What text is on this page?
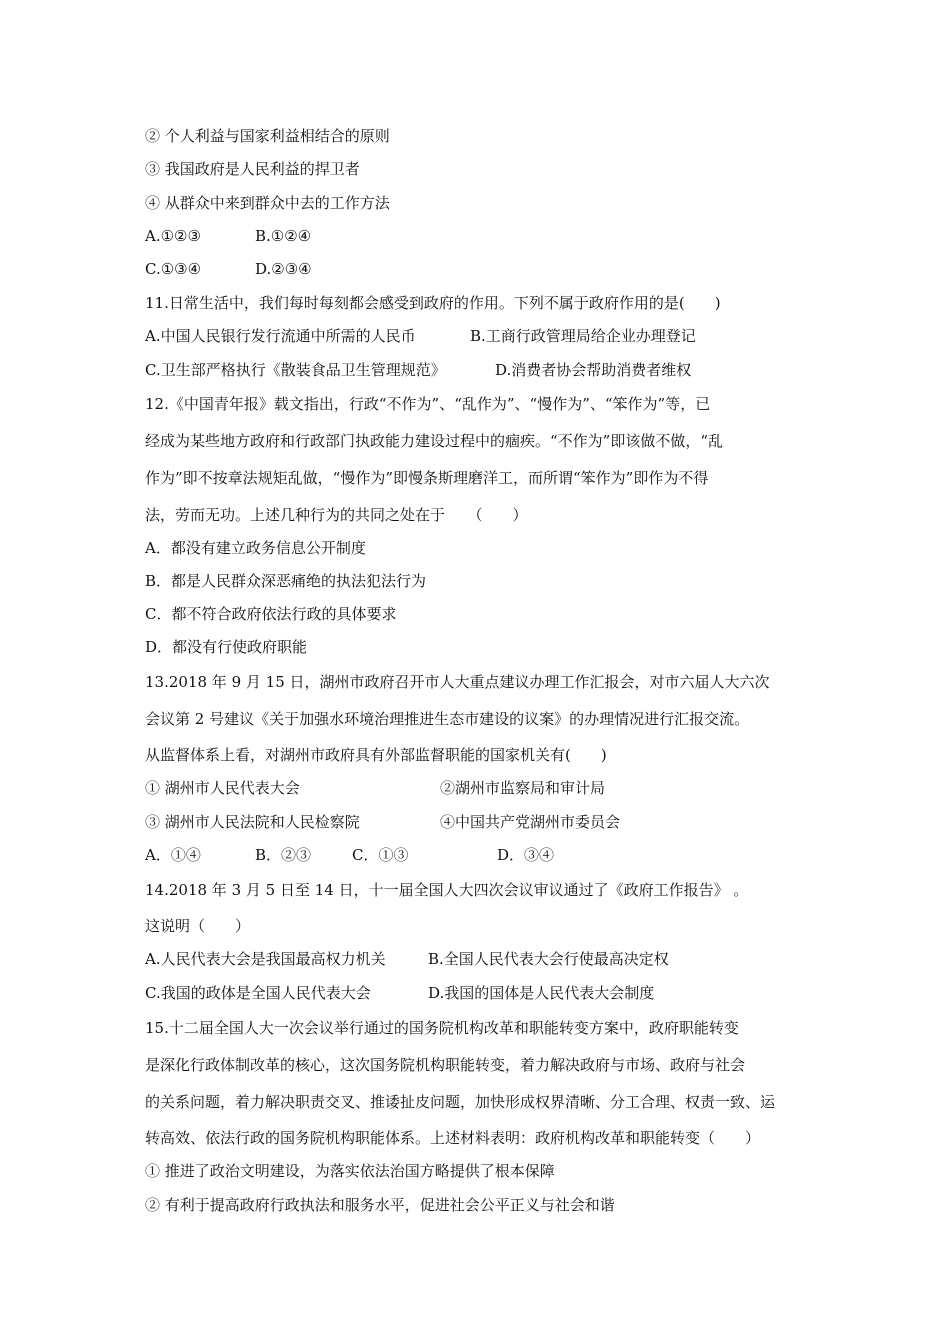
② 个人利益与国家利益相结合的原则
③ 我国政府是人民利益的捍卫者
④ 从群众中来到群众中去的工作方法
A.①②③	B.①②④
C.①③④	D.②③④
11.日常生活中，我们每时每刻都会感受到政府的作用。下列不属于政府作用的是(　　)
A.中国人民银行发行流通中所需的人民币	B.工商行政管理局给企业办理登记
C.卫生部严格执行《散装食品卫生管理规范》	D.消费者协会帮助消费者维权
12.《中国青年报》载文指出，行政“不作为”、“乱作为”、“慢作为”、“笨作为”等，已
经成为某些地方政府和行政部门执政能力建设过程中的痼疾。“不作为”即该做不做，“乱
作为”即不按章法规矩乱做，“慢作为”即慢条斯理磨洋工，而所谓“笨作为”即作为不得
法，劳而无功。上述几种行为的共同之处在于　　（　　）
A．都没有建立政务信息公开制度
B．都是人民群众深恶痛绝的执法犯法行为
C．都不符合政府依法行政的具体要求
D．都没有行使政府职能
13.2018 年 9 月 15 日，湖州市政府召开市人大重点建议办理工作汇报会，对市六届人大六次
会议第 2 号建议《关于加强水环境治理推进生态市建设的议案》的办理情况进行汇报交流。
从监督体系上看，对湖州市政府具有外部监督职能的国家机关有(　　)
① 湖州市人民代表大会	②湖州市监察局和审计局
③ 湖州市人民法院和人民检察院	④中国共产党湖州市委员会
A．①④	B．②③	C．①③	D．③④
14.2018 年 3 月 5 日至 14 日，十一届全国人大四次会议审议通过了《政府工作报告》 。
这说明（　　）
A.人民代表大会是我国最高权力机关	B.全国人民代表大会行使最高决定权
C.我国的政体是全国人民代表大会	D.我国的国体是人民代表大会制度
15.十二届全国人大一次会议举行通过的国务院机构改革和职能转变方案中，政府职能转变
是深化行政体制改革的核心，这次国务院机构职能转变，着力解决政府与市场、政府与社会
的关系问题，着力解决职责交叉、推诿扯皮问题，加快形成权界清晰、分工合理、权责一致、运
转高效、依法行政的国务院机构职能体系。上述材料表明：政府机构改革和职能转变（　　）
① 推进了政治文明建设，为落实依法治国方略提供了根本保障
② 有利于提高政府行政执法和服务水平，促进社会公平正义与社会和谐
